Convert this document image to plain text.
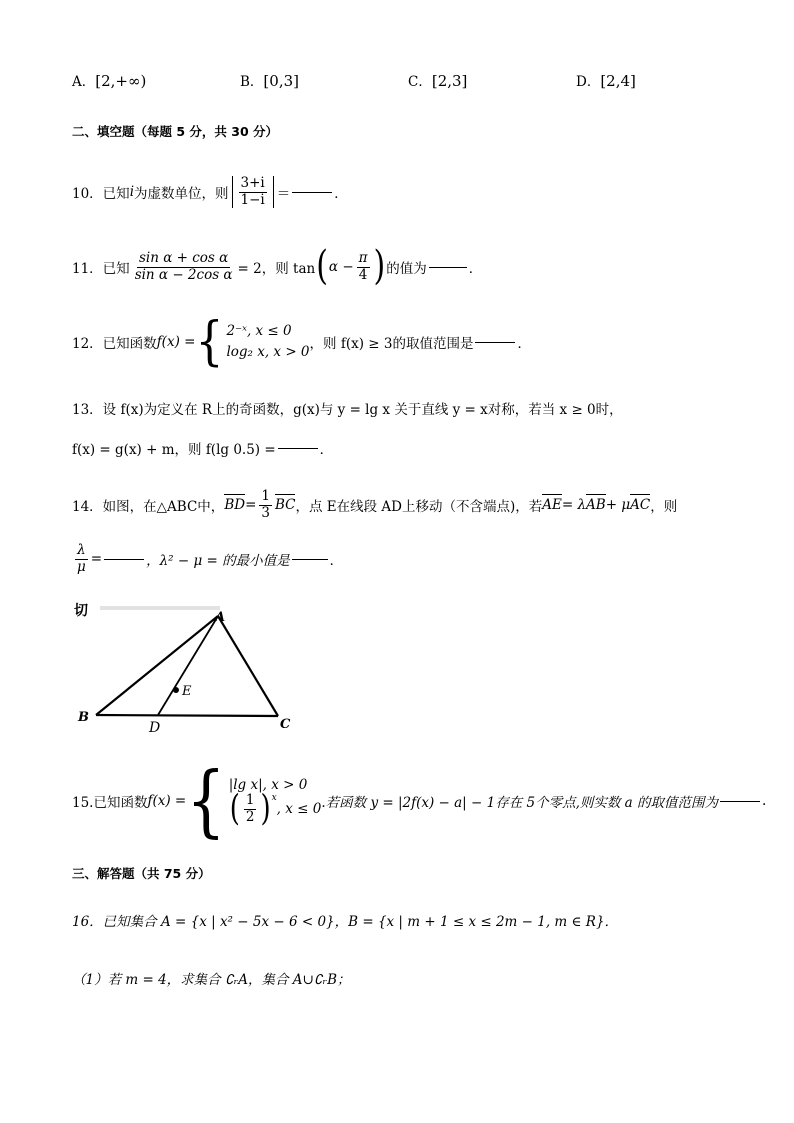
A．[2,+∞)	B．[0,3]	C．[2,3]	D．[2,4]
二、填空题（每题 5 分，共 30 分）
10．已知 i 为虚数单位，则 $\frac{3+i}{1-i}$ ＝	．
11．已知 $\frac{\text{sin α + cos α}}{\text{sin α − 2cos α}} = 2$，则 tan ( $\alpha - \frac{\pi}{4}$ ) 的值为	．
12．已知函数 f(x) = { 2⁻ˣ, x ≤ 0
log₂ x, x > 0 ，则 f(x) ≥ 3的取值范围是	．
13．设 f(x)为定义在 R上的奇函数，g(x)与 y = lg x 关于直线 y = x对称，若当 x ≥ 0时，
f(x) = g(x) + m，则 f(lg 0.5) =	．
14．如图，在△ABC中， BD = $\frac{1}{3}$ BC ，点 E在线段 AD上移动（不含端点)，若 AE = λ AB + μ AC ，则
$\frac{\lambda}{\mu}$ =	，λ² − μ = 的最小值是	．
切	A
B	C
D
E
15.已知函数 f(x) = { |lg x|, x > 0
( $\frac{1}{2}$ ) x
, x ≤ 0 .若函数 y = |2f(x) − a| − 1存在 5个零点,则实数 a 的取值范围为	.
三、解答题（共 75 分）
16．已知集合 A = {x | x² − 5x − 6 < 0}，B = {x | m + 1 ≤ x ≤ 2m − 1, m ∈ R}．
（1）若 m = 4，求集合 ∁ᵣA，集合 A∪∁ᵣB；
